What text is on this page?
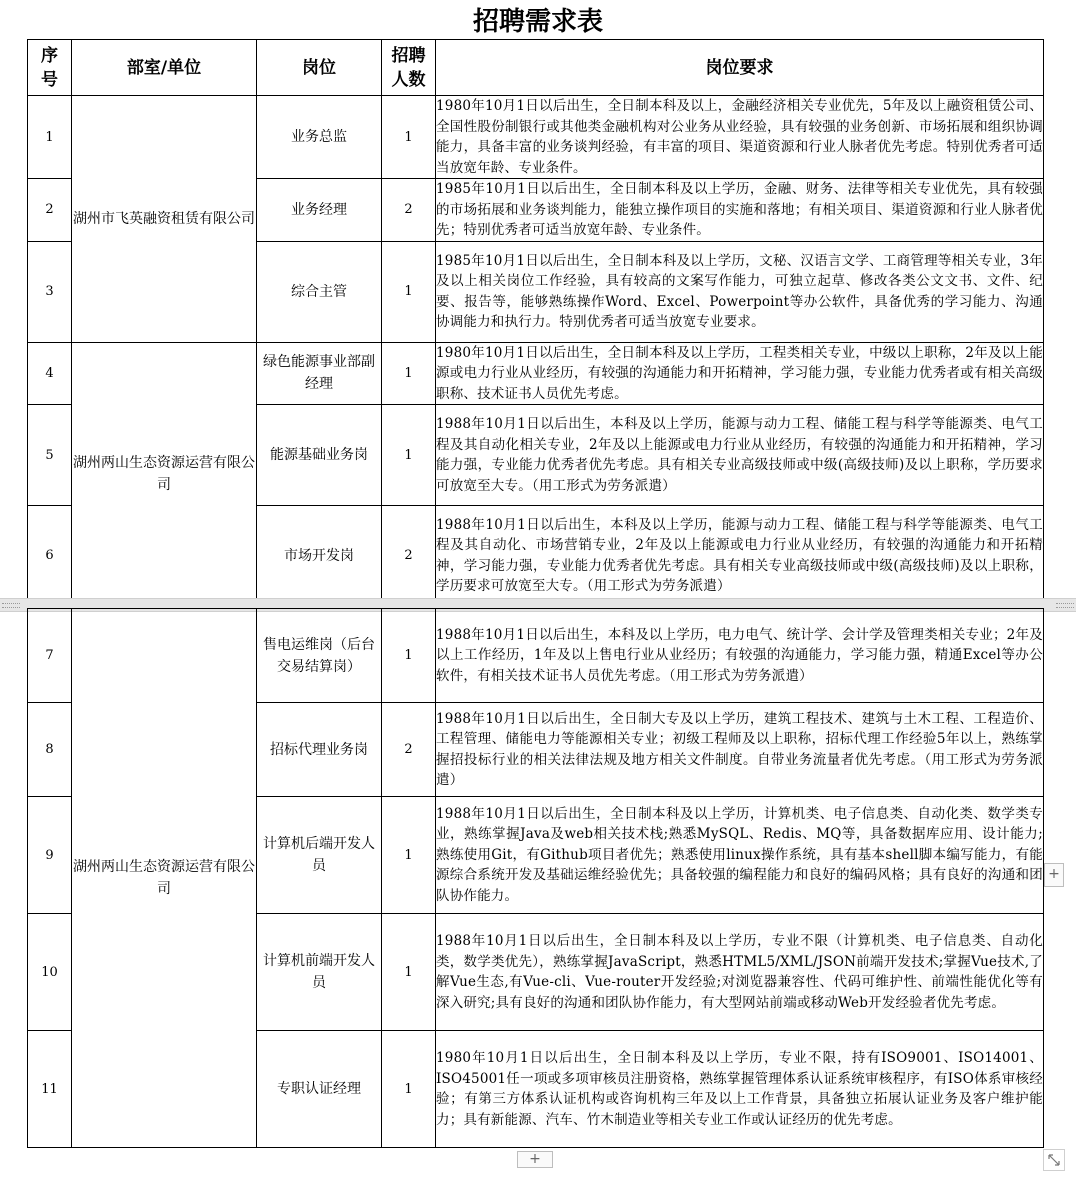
招聘需求表
序号	部室/单位	岗位	招聘人数	岗位要求
1	湖州市飞英融资租赁有限公司	业务总监	1	1980年10月1日以后出生，全日制本科及以上，金融经济相关专业优先，5年及以上融资租赁公司、全国性股份制银行或其他类金融机构对公业务从业经验，具有较强的业务创新、市场拓展和组织协调能力，具备丰富的业务谈判经验，有丰富的项目、渠道资源和行业人脉者优先考虑。特别优秀者可适当放宽年龄、专业条件。
2		业务经理	2	1985年10月1日以后出生，全日制本科及以上学历，金融、财务、法律等相关专业优先，具有较强的市场拓展和业务谈判能力，能独立操作项目的实施和落地；有相关项目、渠道资源和行业人脉者优先；特别优秀者可适当放宽年龄、专业条件。
3		综合主管	1	1985年10月1日以后出生，全日制本科及以上学历，文秘、汉语言文学、工商管理等相关专业，3年及以上相关岗位工作经验，具有较高的文案写作能力，可独立起草、修改各类公文文书、文件、纪要、报告等，能够熟练操作Word、Excel、Powerpoint等办公软件，具备优秀的学习能力、沟通协调能力和执行力。特别优秀者可适当放宽专业要求。
4	湖州两山生态资源运营有限公司	绿色能源事业部副经理	1	1980年10月1日以后出生，全日制本科及以上学历，工程类相关专业，中级以上职称，2年及以上能源或电力行业从业经历，有较强的沟通能力和开拓精神，学习能力强，专业能力优秀者或有相关高级职称、技术证书人员优先考虑。
5		能源基础业务岗	1	1988年10月1日以后出生，本科及以上学历，能源与动力工程、储能工程与科学等能源类、电气工程及其自动化相关专业，2年及以上能源或电力行业从业经历，有较强的沟通能力和开拓精神，学习能力强，专业能力优秀者优先考虑。具有相关专业高级技师或中级(高级技师)及以上职称，学历要求可放宽至大专。（用工形式为劳务派遣）
6		市场开发岗	2	1988年10月1日以后出生，本科及以上学历，能源与动力工程、储能工程与科学等能源类、电气工程及其自动化、市场营销专业，2年及以上能源或电力行业从业经历，有较强的沟通能力和开拓精神，学习能力强，专业能力优秀者优先考虑。具有相关专业高级技师或中级(高级技师)及以上职称，学历要求可放宽至大专。（用工形式为劳务派遣）
7	湖州两山生态资源运营有限公司	售电运维岗（后台交易结算岗）	1	1988年10月1日以后出生，本科及以上学历，电力电气、统计学、会计学及管理类相关专业；2年及以上工作经历，1年及以上售电行业从业经历；有较强的沟通能力，学习能力强，精通Excel等办公软件，有相关技术证书人员优先考虑。（用工形式为劳务派遣）
8		招标代理业务岗	2	1988年10月1日以后出生，全日制大专及以上学历，建筑工程技术、建筑与土木工程、工程造价、工程管理、储能电力等能源相关专业；初级工程师及以上职称，招标代理工作经验5年以上，熟练掌握招投标行业的相关法律法规及地方相关文件制度。自带业务流量者优先考虑。（用工形式为劳务派遣）
9		计算机后端开发人员	1	1988年10月1日以后出生，全日制本科及以上学历，计算机类、电子信息类、自动化类、数学类专业，熟练掌握Java及web相关技术栈;熟悉MySQL、Redis、MQ等，具备数据库应用、设计能力;熟练使用Git，有Github项目者优先；熟悉使用linux操作系统，具有基本shell脚本编写能力，有能源综合系统开发及基础运维经验优先；具备较强的编程能力和良好的编码风格；具有良好的沟通和团队协作能力。
10		计算机前端开发人员	1	1988年10月1日以后出生，全日制本科及以上学历，专业不限（计算机类、电子信息类、自动化类，数学类优先），熟练掌握JavaScript，熟悉HTML5/XML/JSON前端开发技术;掌握Vue技术,了解Vue生态,有Vue-cli、Vue-router开发经验;对浏览器兼容性、代码可维护性、前端性能优化等有深入研究;具有良好的沟通和团队协作能力，有大型网站前端或移动Web开发经验者优先考虑。
11		专职认证经理	1	1980年10月1日以后出生，全日制本科及以上学历，专业不限，持有ISO9001、ISO14001、ISO45001任一项或多项审核员注册资格，熟练掌握管理体系认证系统审核程序，有ISO体系审核经验；有第三方体系认证机构或咨询机构三年及以上工作背景，具备独立拓展认证业务及客户维护能力；具有新能源、汽车、竹木制造业等相关专业工作或认证经历的优先考虑。
+
+
